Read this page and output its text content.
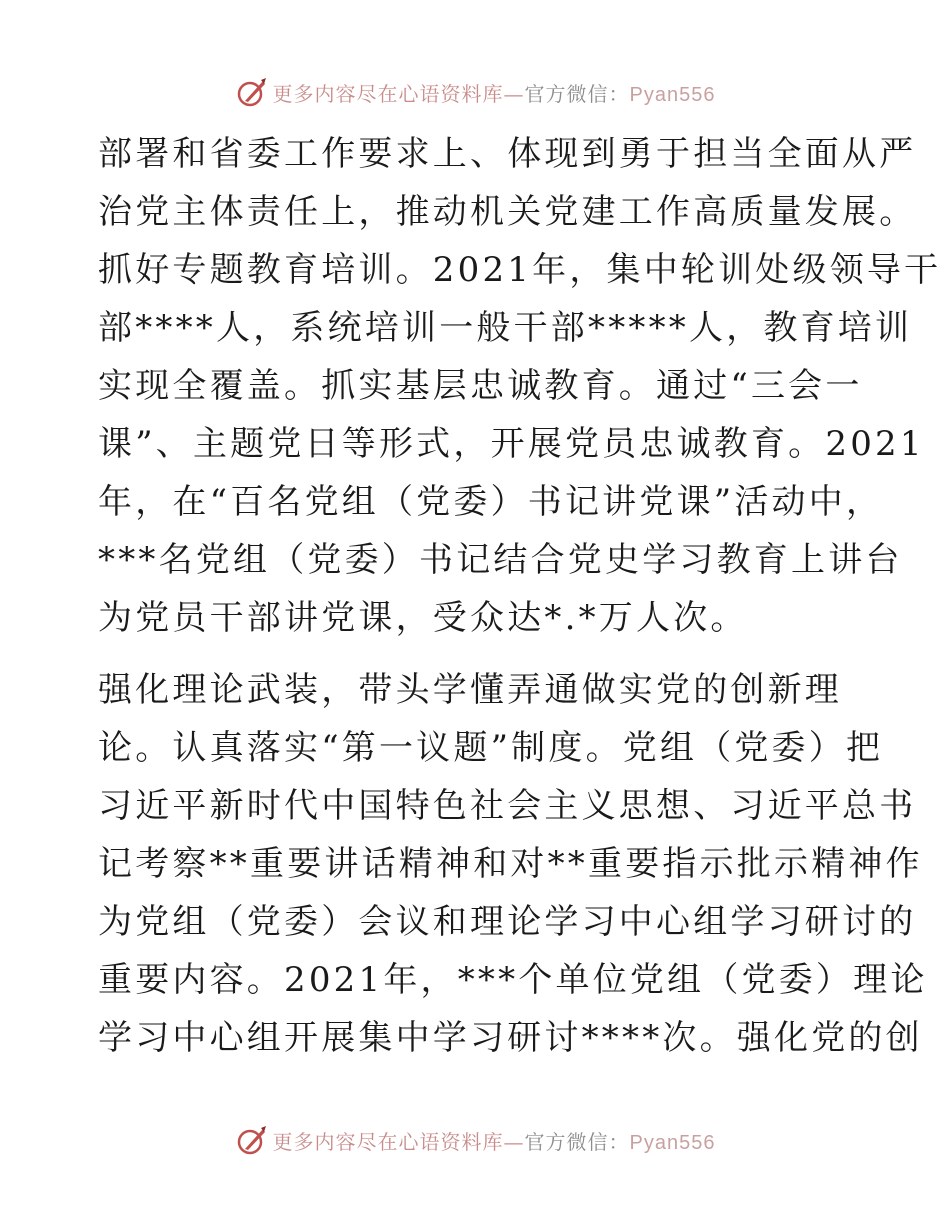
更多内容尽在心语资料库—官方微信：Pyan556
部署和省委工作要求上、体现到勇于担当全面从严
治党主体责任上，推动机关党建工作高质量发展。
抓好专题教育培训。2021年，集中轮训处级领导干
部****人，系统培训一般干部*****人，教育培训
实现全覆盖。抓实基层忠诚教育。通过“三会一
课”、主题党日等形式，开展党员忠诚教育。2021
年，在“百名党组（党委）书记讲党课”活动中，
***名党组（党委）书记结合党史学习教育上讲台
为党员干部讲党课，受众达*.*万人次。
强化理论武装，带头学懂弄通做实党的创新理
论。认真落实“第一议题”制度。党组（党委）把
习近平新时代中国特色社会主义思想、习近平总书
记考察**重要讲话精神和对**重要指示批示精神作
为党组（党委）会议和理论学习中心组学习研讨的
重要内容。2021年，***个单位党组（党委）理论
学习中心组开展集中学习研讨****次。强化党的创
更多内容尽在心语资料库—官方微信：Pyan556
